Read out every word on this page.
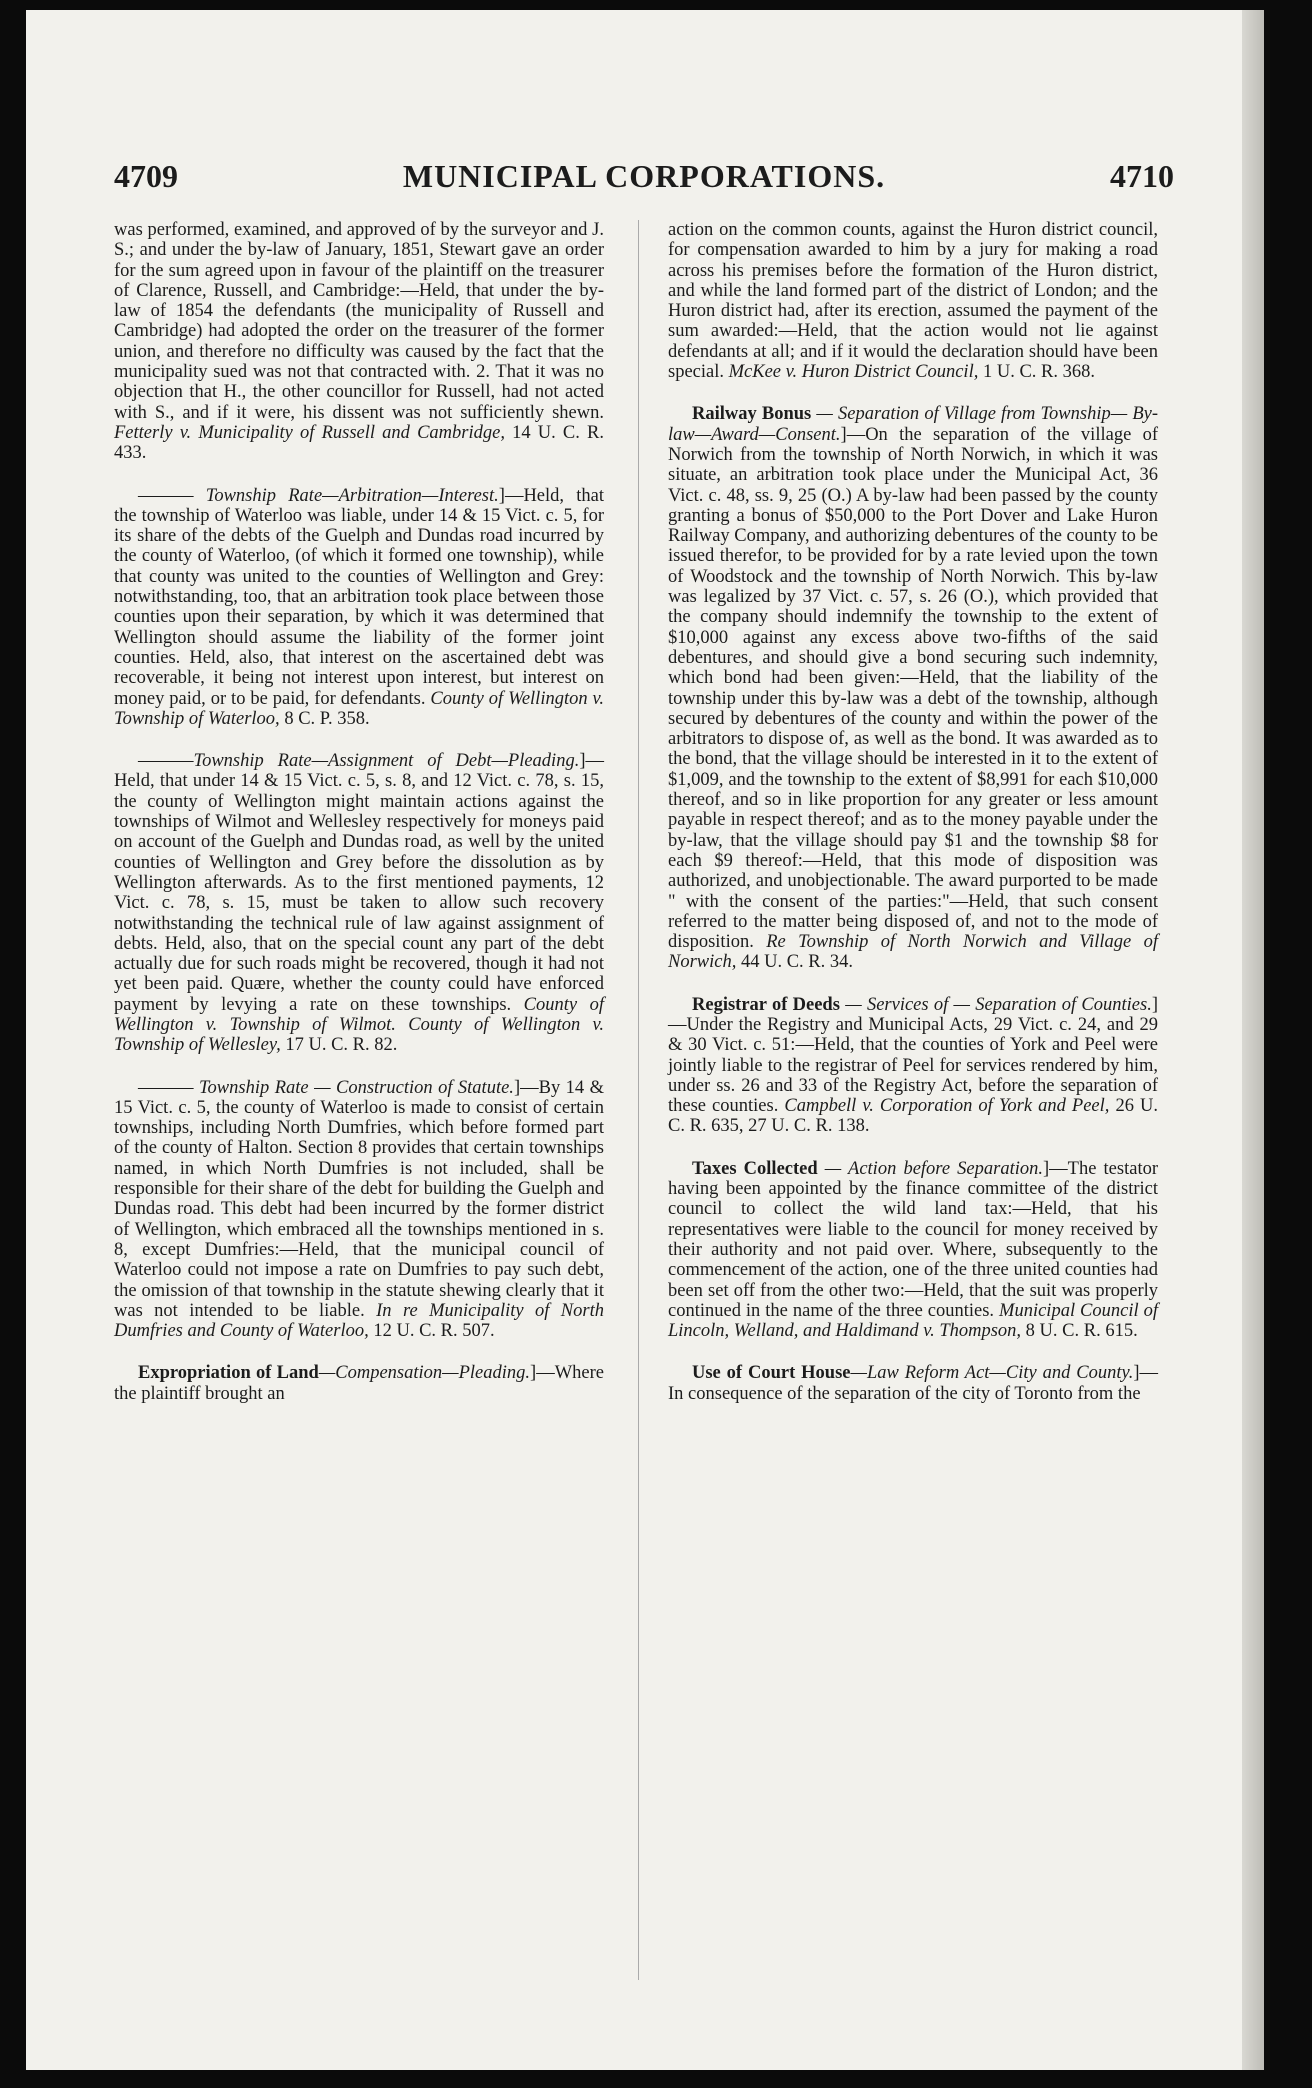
4709	MUNICIPAL CORPORATIONS.	4710

was performed, examined, and approved of by the surveyor and J. S.; and under the by-law of January, 1851, Stewart gave an order for the sum agreed upon in favour of the plaintiff on the treasurer of Clarence, Russell, and Cambridge:—Held, that under the by-law of 1854 the defendants (the municipality of Russell and Cambridge) had adopted the order on the treasurer of the former union, and therefore no difficulty was caused by the fact that the municipality sued was not that contracted with. 2. That it was no objection that H., the other councillor for Russell, had not acted with S., and if it were, his dissent was not sufficiently shewn. Fetterly v. Municipality of Russell and Cambridge, 14 U. C. R. 433.

——— Township Rate—Arbitration—Interest.]—Held, that the township of Waterloo was liable, under 14 & 15 Vict. c. 5, for its share of the debts of the Guelph and Dundas road incurred by the county of Waterloo, (of which it formed one township), while that county was united to the counties of Wellington and Grey: notwithstanding, too, that an arbitration took place between those counties upon their separation, by which it was determined that Wellington should assume the liability of the former joint counties. Held, also, that interest on the ascertained debt was recoverable, it being not interest upon interest, but interest on money paid, or to be paid, for defendants. County of Wellington v. Township of Waterloo, 8 C. P. 358.

———Township Rate—Assignment of Debt—Pleading.]—Held, that under 14 & 15 Vict. c. 5, s. 8, and 12 Vict. c. 78, s. 15, the county of Wellington might maintain actions against the townships of Wilmot and Wellesley respectively for moneys paid on account of the Guelph and Dundas road, as well by the united counties of Wellington and Grey before the dissolution as by Wellington afterwards. As to the first mentioned payments, 12 Vict. c. 78, s. 15, must be taken to allow such recovery notwithstanding the technical rule of law against assignment of debts. Held, also, that on the special count any part of the debt actually due for such roads might be recovered, though it had not yet been paid. Quære, whether the county could have enforced payment by levying a rate on these townships. County of Wellington v. Township of Wilmot. County of Wellington v. Township of Wellesley, 17 U. C. R. 82.

——— Township Rate — Construction of Statute.]—By 14 & 15 Vict. c. 5, the county of Waterloo is made to consist of certain townships, including North Dumfries, which before formed part of the county of Halton. Section 8 provides that certain townships named, in which North Dumfries is not included, shall be responsible for their share of the debt for building the Guelph and Dundas road. This debt had been incurred by the former district of Wellington, which embraced all the townships mentioned in s. 8, except Dumfries:—Held, that the municipal council of Waterloo could not impose a rate on Dumfries to pay such debt, the omission of that township in the statute shewing clearly that it was not intended to be liable. In re Municipality of North Dumfries and County of Waterloo, 12 U. C. R. 507.

Expropriation of Land—Compensation—Pleading.]—Where the plaintiff brought an

action on the common counts, against the Huron district council, for compensation awarded to him by a jury for making a road across his premises before the formation of the Huron district, and while the land formed part of the district of London; and the Huron district had, after its erection, assumed the payment of the sum awarded:—Held, that the action would not lie against defendants at all; and if it would the declaration should have been special. McKee v. Huron District Council, 1 U. C. R. 368.

Railway Bonus — Separation of Village from Township— By-law—Award—Consent.]—On the separation of the village of Norwich from the township of North Norwich, in which it was situate, an arbitration took place under the Municipal Act, 36 Vict. c. 48, ss. 9, 25 (O.) A by-law had been passed by the county granting a bonus of $50,000 to the Port Dover and Lake Huron Railway Company, and authorizing debentures of the county to be issued therefor, to be provided for by a rate levied upon the town of Woodstock and the township of North Norwich. This by-law was legalized by 37 Vict. c. 57, s. 26 (O.), which provided that the company should indemnify the township to the extent of $10,000 against any excess above two-fifths of the said debentures, and should give a bond securing such indemnity, which bond had been given:—Held, that the liability of the township under this by-law was a debt of the township, although secured by debentures of the county and within the power of the arbitrators to dispose of, as well as the bond. It was awarded as to the bond, that the village should be interested in it to the extent of $1,009, and the township to the extent of $8,991 for each $10,000 thereof, and so in like proportion for any greater or less amount payable in respect thereof; and as to the money payable under the by-law, that the village should pay $1 and the township $8 for each $9 thereof:—Held, that this mode of disposition was authorized, and unobjectionable. The award purported to be made " with the consent of the parties:"—Held, that such consent referred to the matter being disposed of, and not to the mode of disposition. Re Township of North Norwich and Village of Norwich, 44 U. C. R. 34.

Registrar of Deeds — Services of — Separation of Counties.]—Under the Registry and Municipal Acts, 29 Vict. c. 24, and 29 & 30 Vict. c. 51:—Held, that the counties of York and Peel were jointly liable to the registrar of Peel for services rendered by him, under ss. 26 and 33 of the Registry Act, before the separation of these counties. Campbell v. Corporation of York and Peel, 26 U. C. R. 635, 27 U. C. R. 138.

Taxes Collected — Action before Separation.]—The testator having been appointed by the finance committee of the district council to collect the wild land tax:—Held, that his representatives were liable to the council for money received by their authority and not paid over. Where, subsequently to the commencement of the action, one of the three united counties had been set off from the other two:—Held, that the suit was properly continued in the name of the three counties. Municipal Council of Lincoln, Welland, and Haldimand v. Thompson, 8 U. C. R. 615.

Use of Court House—Law Reform Act—City and County.]—In consequence of the separation of the city of Toronto from the
